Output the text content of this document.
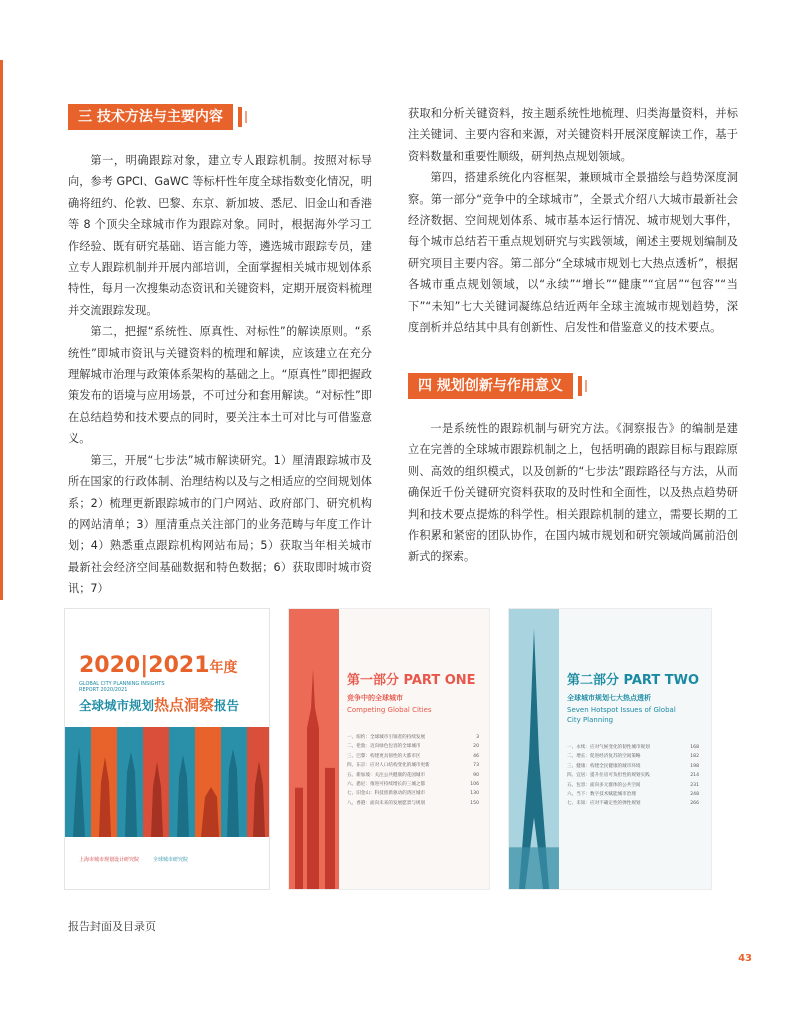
三 技术方法与主要内容

第一，明确跟踪对象，建立专人跟踪机制。按照对标导向，参考 GPCI、GaWC 等标杆性年度全球指数变化情况，明确将纽约、伦敦、巴黎、东京、新加坡、悉尼、旧金山和香港等 8 个顶尖全球城市作为跟踪对象。同时，根据海外学习工作经验、既有研究基础、语言能力等，遴选城市跟踪专员，建立专人跟踪机制并开展内部培训，全面掌握相关城市规划体系特性，每月一次搜集动态资讯和关键资料，定期开展资料梳理并交流跟踪发现。

第二，把握“系统性、原真性、对标性”的解读原则。“系统性”即城市资讯与关键资料的梳理和解读，应该建立在充分理解城市治理与政策体系架构的基础之上。“原真性”即把握政策发布的语境与应用场景，不可过分和套用解读。“对标性”即在总结趋势和技术要点的同时，要关注本土可对比与可借鉴意义。

第三，开展“七步法”城市解读研究。1）厘清跟踪城市及所在国家的行政体制、治理结构以及与之相适应的空间规划体系；2）梳理更新跟踪城市的门户网站、政府部门、研究机构的网站清单；3）厘清重点关注部门的业务范畴与年度工作计划；4）熟悉重点跟踪机构网站布局；5）获取当年相关城市最新社会经济空间基础数据和特色数据；6）获取即时城市资讯；7）

获取和分析关键资料，按主题系统性地梳理、归类海量资料，并标注关键词、主要内容和来源，对关键资料开展深度解读工作，基于资料数量和重要性顺级，研判热点规划领域。

第四，搭建系统化内容框架，兼顾城市全景描绘与趋势深度洞察。第一部分“竞争中的全球城市”，全景式介绍八大城市最新社会经济数据、空间规划体系、城市基本运行情况、城市规划大事件，每个城市总结若干重点规划研究与实践领域，阐述主要规划编制及研究项目主要内容。第二部分“全球城市规划七大热点透析”，根据各城市重点规划领域，以“永续”“增长”“健康”“宜居”“包容”“当下”“未知”七大关键词凝练总结近两年全球主流城市规划趋势，深度剖析并总结其中具有创新性、启发性和借鉴意义的技术要点。

四 规划创新与作用意义

一是系统性的跟踪机制与研究方法。《洞察报告》的编制是建立在完善的全球城市跟踪机制之上，包括明确的跟踪目标与跟踪原则、高效的组织模式，以及创新的“七步法”跟踪路径与方法，从而确保近千份关键研究资料获取的及时性和全面性，以及热点趋势研判和技术要点提炼的科学性。相关跟踪机制的建立，需要长期的工作积累和紧密的团队协作，在国内城市规划和研究领域尚属前沿创新式的探索。

2020|2021年度
GLOBAL CITY PLANNING INSIGHTS REPORT 2020/2021
全球城市规划热点洞察报告
上海市城市规划设计研究院	全球城市研究院
第一部分 PART ONE
竞争中的全球城市
Competing Global Cities
一、纽约：全球城市引领者的持续发展	3
二、伦敦：迈向绿色包容的全球城市	20
三、巴黎：构建更具韧性的大都市区	46
四、东京：应对人口结构变化的城市更新	73
五、新加坡：关注公共健康的花园城市	90
六、悉尼：推进可持续增长的三城之都	106
七、旧金山：科技创新驱动的湾区城市	130
八、香港：面向未来的发展愿景与规划	150
第二部分 PART TWO
全球城市规划七大热点透析
Seven Hotspot Issues of Global
City Planning
一、永续：应对气候变化的韧性城市规划	168
二、增长：促进经济复苏的空间策略	182
三、健康：构建全民健康的城市环境	198
四、宜居：提升住房可负担性的规划实践	214
五、包容：面向多元群体的公共空间	231
六、当下：数字技术赋能城市治理	248
七、未知：应对不确定性的弹性规划	266
报告封面及目录页
43
